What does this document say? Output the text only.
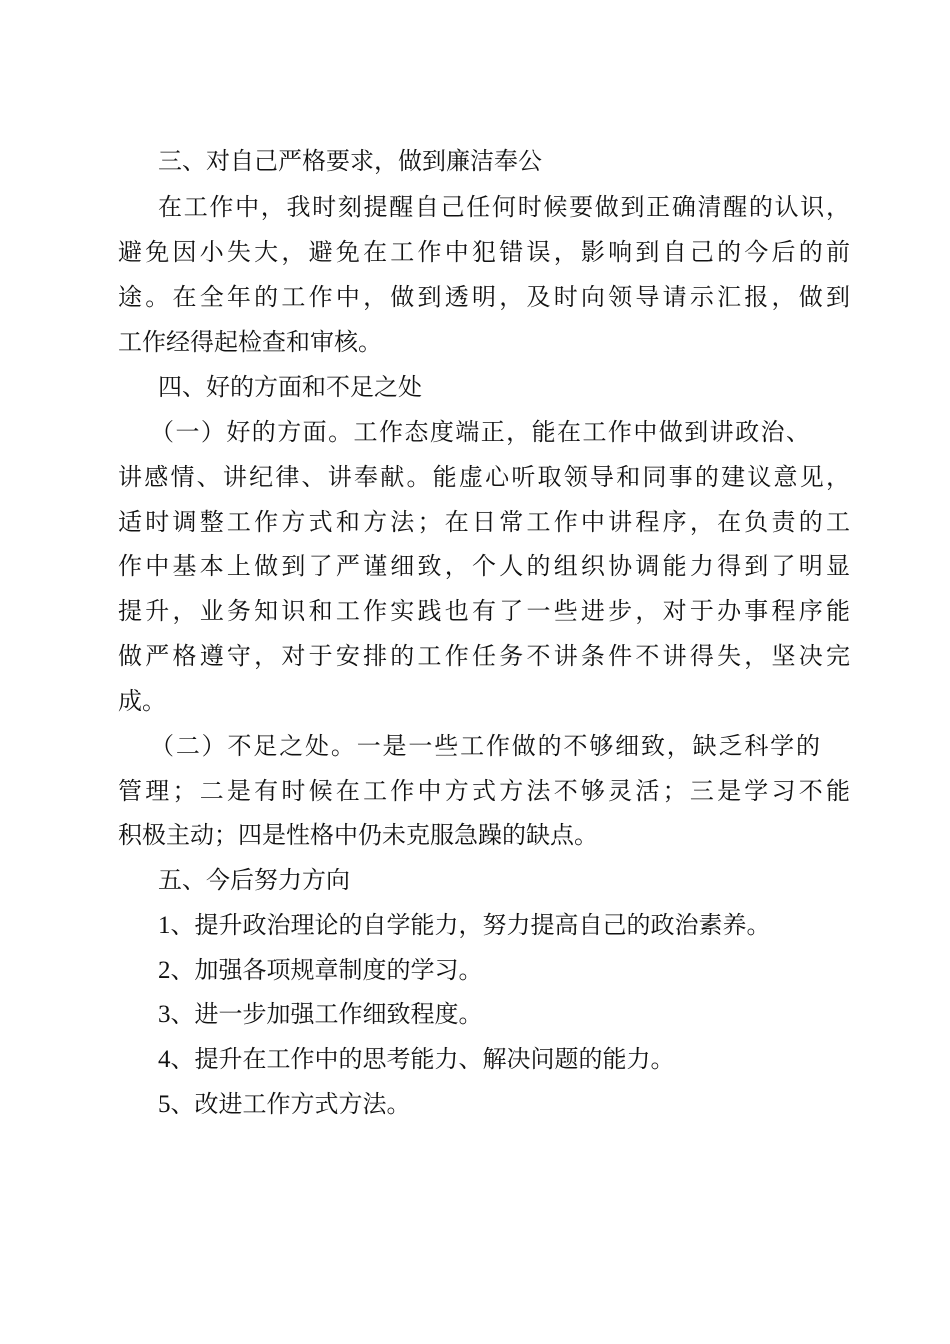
三、对自己严格要求，做到廉洁奉公
在工作中，我时刻提醒自己任何时候要做到正确清醒的认识，
避免因小失大，避免在工作中犯错误，影响到自己的今后的前
途。在全年的工作中，做到透明，及时向领导请示汇报，做到
工作经得起检查和审核。
四、好的方面和不足之处
（一）好的方面。工作态度端正，能在工作中做到讲政治、
讲感情、讲纪律、讲奉献。能虚心听取领导和同事的建议意见，
适时调整工作方式和方法；在日常工作中讲程序，在负责的工
作中基本上做到了严谨细致，个人的组织协调能力得到了明显
提升，业务知识和工作实践也有了一些进步，对于办事程序能
做严格遵守，对于安排的工作任务不讲条件不讲得失，坚决完
成。
（二）不足之处。一是一些工作做的不够细致，缺乏科学的
管理；二是有时候在工作中方式方法不够灵活；三是学习不能
积极主动；四是性格中仍未克服急躁的缺点。
五、今后努力方向
1、提升政治理论的自学能力，努力提高自己的政治素养。
2、加强各项规章制度的学习。
3、进一步加强工作细致程度。
4、提升在工作中的思考能力、解决问题的能力。
5、改进工作方式方法。
